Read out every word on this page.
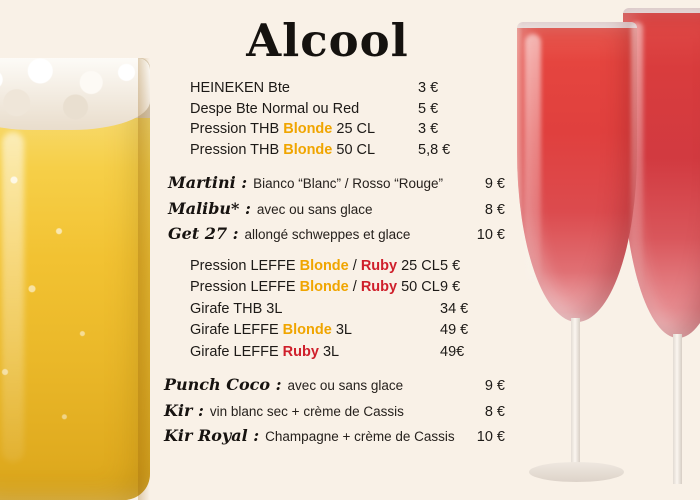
Alcool
HEINEKEN Bte	3 €
Despe Bte Normal ou Red	5 €
Pression THB Blonde 25 CL	3 €
Pression THB Blonde 50 CL	5,8 €
Martini : Bianco “Blanc” / Rosso “Rouge”	9 €
Malibu* : avec ou sans glace	8 €
Get 27 : allongé schweppes et glace	10 €
Pression LEFFE Blonde / Ruby 25 CL 5 €
Pression LEFFE Blonde / Ruby 50 CL 9 €
Girafe THB 3L	34 €
Girafe LEFFE Blonde 3L	49 €
Girafe LEFFE Ruby 3L	49€
Punch Coco : avec ou sans glace	9 €
Kir : vin blanc sec + crème de Cassis	8 €
Kir Royal : Champagne + crème de Cassis	10 €
